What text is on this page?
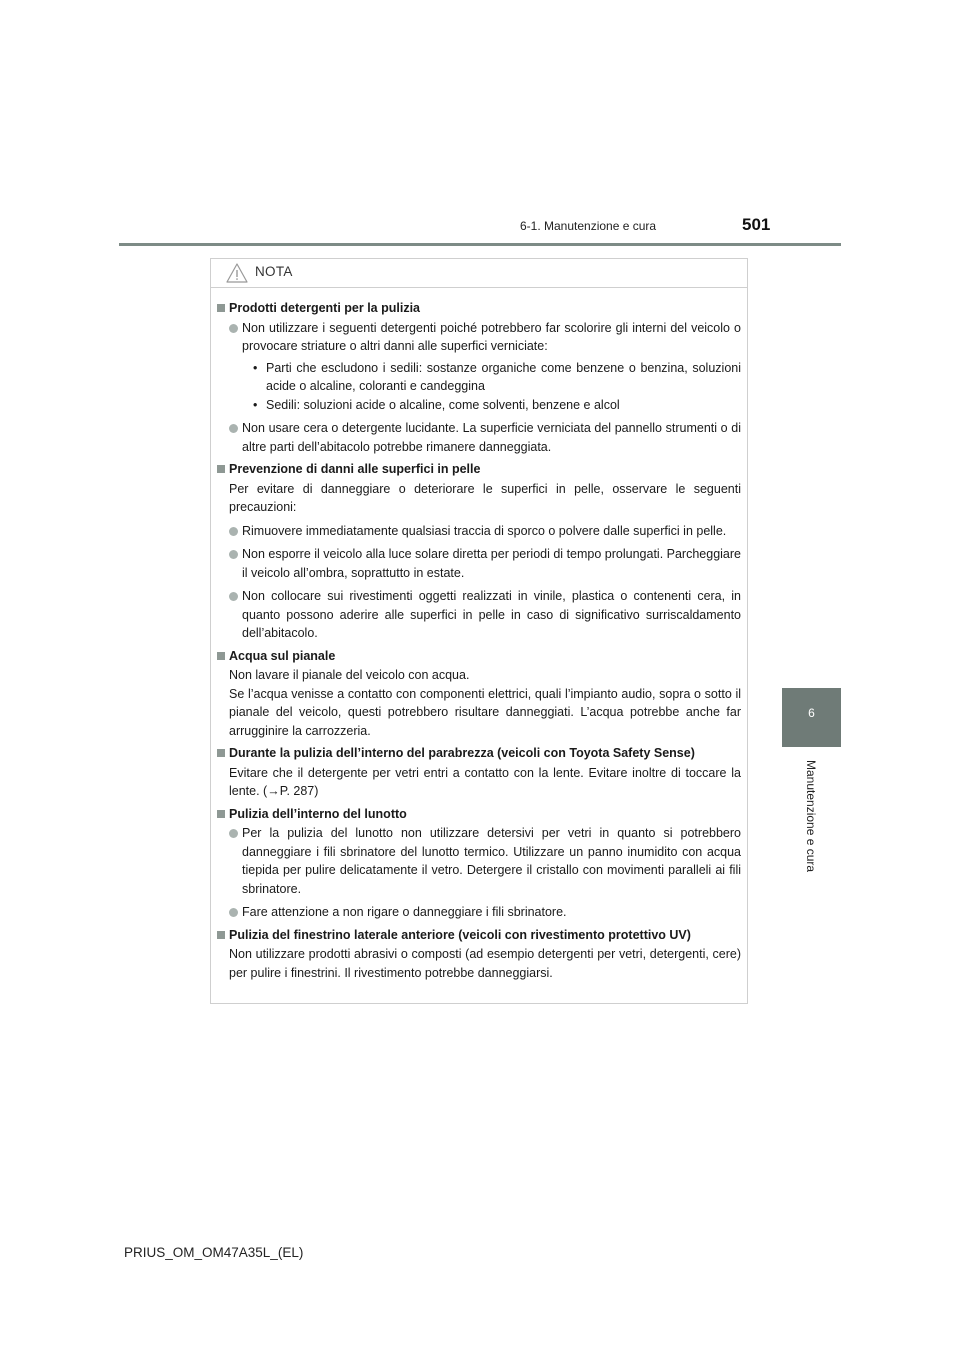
6-1. Manutenzione e cura	501
6
Manutenzione e cura
NOTA
Prodotti detergenti per la pulizia
Non utilizzare i seguenti detergenti poiché potrebbero far scolorire gli interni del veicolo o provocare striature o altri danni alle superfici verniciate:
• Parti che escludono i sedili: sostanze organiche come benzene o benzina, soluzioni acide o alcaline, coloranti e candeggina
• Sedili: soluzioni acide o alcaline, come solventi, benzene e alcol
Non usare cera o detergente lucidante. La superficie verniciata del pannello strumenti o di altre parti dell’abitacolo potrebbe rimanere danneggiata.
Prevenzione di danni alle superfici in pelle
Per evitare di danneggiare o deteriorare le superfici in pelle, osservare le seguenti precauzioni:
Rimuovere immediatamente qualsiasi traccia di sporco o polvere dalle superfici in pelle.
Non esporre il veicolo alla luce solare diretta per periodi di tempo prolungati. Parcheggiare il veicolo all’ombra, soprattutto in estate.
Non collocare sui rivestimenti oggetti realizzati in vinile, plastica o contenenti cera, in quanto possono aderire alle superfici in pelle in caso di significativo surriscaldamento dell’abitacolo.
Acqua sul pianale
Non lavare il pianale del veicolo con acqua.
Se l’acqua venisse a contatto con componenti elettrici, quali l’impianto audio, sopra o sotto il pianale del veicolo, questi potrebbero risultare danneggiati. L’acqua potrebbe anche far arrugginire la carrozzeria.
Durante la pulizia dell’interno del parabrezza (veicoli con Toyota Safety Sense)
Evitare che il detergente per vetri entri a contatto con la lente. Evitare inoltre di toccare la lente. (→P. 287)
Pulizia dell’interno del lunotto
Per la pulizia del lunotto non utilizzare detersivi per vetri in quanto si potrebbero danneggiare i fili sbrinatore del lunotto termico. Utilizzare un panno inumidito con acqua tiepida per pulire delicatamente il vetro. Detergere il cristallo con movimenti paralleli ai fili sbrinatore.
Fare attenzione a non rigare o danneggiare i fili sbrinatore.
Pulizia del finestrino laterale anteriore (veicoli con rivestimento protettivo UV)
Non utilizzare prodotti abrasivi o composti (ad esempio detergenti per vetri, detergenti, cere) per pulire i finestrini. Il rivestimento potrebbe danneggiarsi.
PRIUS_OM_OM47A35L_(EL)
